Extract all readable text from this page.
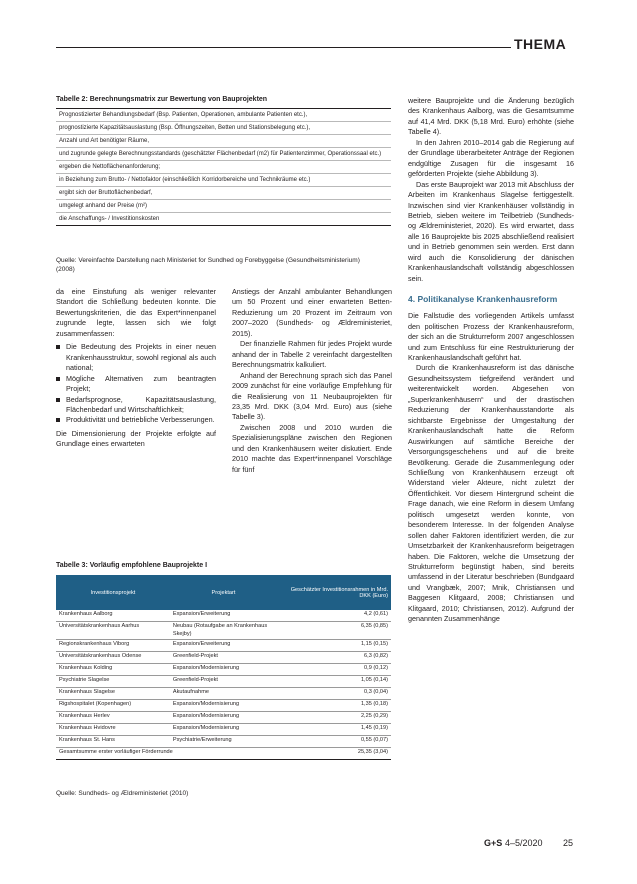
THEMA
Tabelle 2: Berechnungsmatrix zur Bewertung von Bauprojekten
Prognostizierter Behandlungsbedarf (Bsp. Patienten, Operationen, ambulante Patienten etc.),
prognostizierte Kapazitätsauslastung (Bsp. Öffnungszeiten, Betten und Stationsbelegung etc.),
Anzahl und Art benötigter Räume,
und zugrunde gelegte Berechnungsstandards (geschätzter Flächenbedarf (m2) für Patientenzimmer, Operationssaal etc.)
ergeben die Nettoflächenanforderung;
in Beziehung zum Brutto- / Nettofaktor (einschließlich Korridorbereiche und Technikräume etc.)
ergibt sich der Bruttoflächenbedarf,
umgelegt anhand der Preise (m²)
die Anschaffungs- / Investitionskosten
Quelle: Vereinfachte Darstellung nach Ministeriet for Sundhed og Forebyggelse (Gesundheitsministerium) (2008)

da eine Einstufung als weniger relevanter Standort die Schließung bedeuten konnte. Die Bewertungskriterien, die das Expert*innenpanel zugrunde legte, lassen sich wie folgt zusammenfassen:

Die Bedeutung des Projekts in einer neuen Krankenhausstruktur, sowohl regional als auch national;
Mögliche Alternativen zum beantragten Projekt;
Bedarfsprognose, Kapazitätsauslastung, Flächenbedarf und Wirtschaftlichkeit;
Produktivität und betriebliche Verbesserungen.

Die Dimensionierung der Projekte erfolgte auf Grundlage eines erwarteten

Anstiegs der Anzahl ambulanter Behandlungen um 50 Prozent und einer erwarteten Betten-Reduzierung um 20 Prozent im Zeitraum von 2007–2020 (Sundheds- og Ældreministeriet, 2015).

Der finanzielle Rahmen für jedes Projekt wurde anhand der in Tabelle 2 vereinfacht dargestellten Berechnungsmatrix kalkuliert.

Anhand der Berechnung sprach sich das Panel 2009 zunächst für eine vorläufige Empfehlung für die Realisierung von 11 Neubauprojekten für 23,35 Mrd. DKK (3,04 Mrd. Euro) aus (siehe Tabelle 3).

Zwischen 2008 und 2010 wurden die Spezialisierungspläne zwischen den Regionen und den Krankenhäusern weiter diskutiert. Ende 2010 machte das Expert*innenpanel Vorschläge für fünf

weitere Bauprojekte und die Änderung bezüglich des Krankenhaus Aalborg, was die Gesamtsumme auf 41,4 Mrd. DKK (5,18 Mrd. Euro) erhöhte (siehe Tabelle 4).

In den Jahren 2010–2014 gab die Regierung auf der Grundlage überarbeiteter Anträge der Regionen endgültige Zusagen für die insgesamt 16 geförderten Projekte (siehe Abbildung 3).

Das erste Bauprojekt war 2013 mit Abschluss der Arbeiten im Krankenhaus Slagelse fertiggestellt. Inzwischen sind vier Krankenhäuser vollständig in Betrieb, sieben weitere im Teilbetrieb (Sundheds- og Ældreministeriet, 2020). Es wird erwartet, dass alle 16 Bauprojekte bis 2025 abschließend realisiert und in Betrieb genommen sein werden. Erst dann wird auch die Konsolidierung der dänischen Krankenhauslandschaft vollständig abgeschlossen sein.

4. Politikanalyse Krankenhausreform

Die Fallstudie des vorliegenden Artikels umfasst den politischen Prozess der Krankenhausreform, der sich an die Strukturreform 2007 angeschlossen und zum Entschluss für eine Restrukturierung der Krankenhauslandschaft geführt hat.

Durch die Krankenhausreform ist das dänische Gesundheitssystem tiefgreifend verändert und weiterentwickelt worden. Abgesehen von „Superkrankenhäusern“ und der drastischen Reduzierung der Krankenhausstandorte als sichtbarste Ergebnisse der Umgestaltung der Krankenhauslandschaft hatte die Reform Auswirkungen auf sämtliche Bereiche der Versorgungsgeschehens und auf die breite Bevölkerung. Gerade die Zusammenlegung oder Schließung von Krankenhäusern erzeugt oft Widerstand vieler Akteure, nicht zuletzt der Öffentlichkeit. Vor diesem Hintergrund scheint die Frage danach, wie eine Reform in diesem Umfang politisch umgesetzt werden konnte, von besonderem Interesse. In der folgenden Analyse sollen daher Faktoren identifiziert werden, die zur Umsetzbarkeit der Krankenhausreform beigetragen haben. Die Faktoren, welche die Umsetzung der Strukturreform begünstigt haben, sind bereits umfassend in der Literatur beschrieben (Bundgaard und Vrangbæk, 2007; Mnik, Christiansen und Baggesen Klitgaard, 2008; Christiansen und Klitgaard, 2010; Christiansen, 2012). Aufgrund der genannten Zusammenhänge

Tabelle 3: Vorläufig empfohlene Bauprojekte I
Investitionsprojekt	Projektart	Geschätzter Investitionsrahmen in Mrd. DKK (Euro)
Krankenhaus Aalborg	Expansion/Erweiterung	4,2 (0,61)
Universitätskrankenhaus Aarhus	Neubau (Rotaufgabe an Krankenhaus Skejby)	6,35 (0,85)
Regionskrankenhaus Viborg	Expansion/Erweiterung	1,15 (0,15)
Universitätskrankenhaus Odense	Greenfield-Projekt	6,3 (0,82)
Krankenhaus Kolding	Expansion/Modernisierung	0,9 (0,12)
Psychiatrie Slagelse	Greenfield-Projekt	1,05 (0,14)
Krankenhaus Slagelse	Akutaufnahme	0,3 (0,04)
Rigshospitalet (Kopenhagen)	Expansion/Modernisierung	1,35 (0,18)
Krankenhaus Herlev	Expansion/Modernisierung	2,25 (0,29)
Krankenhaus Hvidovre	Expansion/Modernisierung	1,45 (0,19)
Krankenhaus St. Hans	Psychiatrie/Erweiterung	0,55 (0,07)
Gesamtsumme erster vorläufiger Förderrunde		25,35 (3,04)
Quelle: Sundheds- og Ældreministeriet (2010)
G+S 4–5/2020 25
